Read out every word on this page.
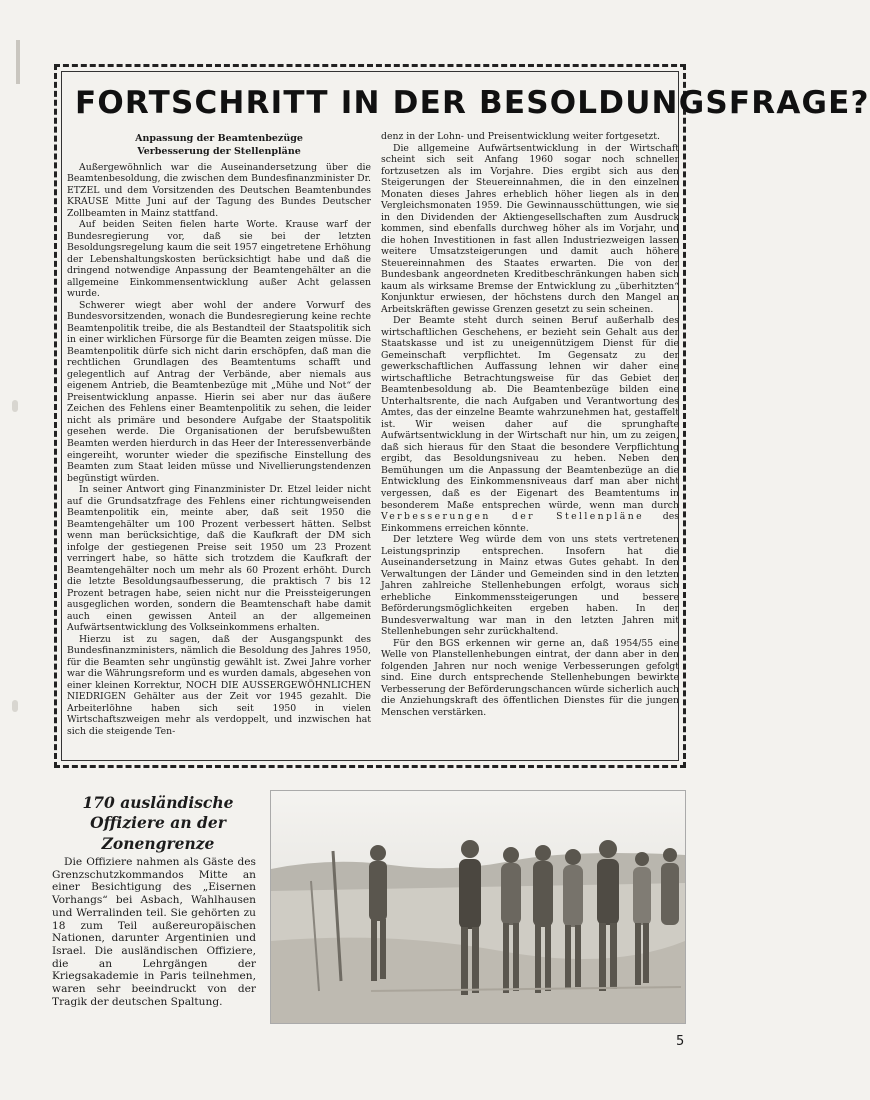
FORTSCHRITT IN DER BESOLDUNGSFRAGE?
Anpassung der Beamtenbezüge
Verbesserung der Stellenpläne

Außergewöhnlich war die Auseinandersetzung über die Beamtenbesoldung, die zwischen dem Bundesfinanzminister Dr. ETZEL und dem Vorsitzenden des Deutschen Beamtenbundes KRAUSE Mitte Juni auf der Tagung des Bundes Deutscher Zollbeamten in Mainz stattfand.

Auf beiden Seiten fielen harte Worte. Krause warf der Bundesregierung vor, daß sie bei der letzten Besoldungsregelung kaum die seit 1957 eingetretene Erhöhung der Lebenshaltungskosten berücksichtigt habe und daß die dringend notwendige Anpassung der Beamtengehälter an die allgemeine Einkommensentwicklung außer Acht gelassen wurde.

Schwerer wiegt aber wohl der andere Vorwurf des Bundesvorsitzenden, wonach die Bundesregierung keine rechte Beamtenpolitik treibe, die als Bestandteil der Staatspolitik sich in einer wirklichen Fürsorge für die Beamten zeigen müsse. Die Beamtenpolitik dürfe sich nicht darin erschöpfen, daß man die rechtlichen Grundlagen des Beamtentums schafft und gelegentlich auf Antrag der Verbände, aber niemals aus eigenem Antrieb, die Beamtenbezüge mit „Mühe und Not“ der Preisentwicklung anpasse. Hierin sei aber nur das äußere Zeichen des Fehlens einer Beamtenpolitik zu sehen, die leider nicht als primäre und besondere Aufgabe der Staatspolitik gesehen werde. Die Organisationen der berufsbewußten Beamten werden hierdurch in das Heer der Interessenverbände eingereiht, worunter wieder die spezifische Einstellung des Beamten zum Staat leiden müsse und Nivellierungstendenzen begünstigt würden.

In seiner Antwort ging Finanzminister Dr. Etzel leider nicht auf die Grundsatzfrage des Fehlens einer richtungweisenden Beamtenpolitik ein, meinte aber, daß seit 1950 die Beamtengehälter um 100 Prozent verbessert hätten. Selbst wenn man berücksichtige, daß die Kaufkraft der DM sich infolge der gestiegenen Preise seit 1950 um 23 Prozent verringert habe, so hätte sich trotzdem die Kaufkraft der Beamtengehälter noch um mehr als 60 Prozent erhöht. Durch die letzte Besoldungsaufbesserung, die praktisch 7 bis 12 Prozent betragen habe, seien nicht nur die Preissteigerungen ausgeglichen worden, sondern die Beamtenschaft habe damit auch einen gewissen Anteil an der allgemeinen Aufwärtsentwicklung des Volkseinkommens erhalten.

Hierzu ist zu sagen, daß der Ausgangspunkt des Bundesfinanzministers, nämlich die Besoldung des Jahres 1950, für die Beamten sehr ungünstig gewählt ist. Zwei Jahre vorher war die Währungsreform und es wurden damals, abgesehen von einer kleinen Korrektur, NOCH DIE AUSSERGEWÖHNLICHEN NIEDRIGEN Gehälter aus der Zeit vor 1945 gezahlt. Die Arbeiterlöhne haben sich seit 1950 in vielen Wirtschaftszweigen mehr als verdoppelt, und inzwischen hat sich die steigende Ten-

denz in der Lohn- und Preisentwicklung weiter fortgesetzt.

Die allgemeine Aufwärtsentwicklung in der Wirtschaft scheint sich seit Anfang 1960 sogar noch schneller fortzusetzen als im Vorjahre. Dies ergibt sich aus den Steigerungen der Steuereinnahmen, die in den einzelnen Monaten dieses Jahres erheblich höher liegen als in den Vergleichsmonaten 1959. Die Gewinnausschüttungen, wie sie in den Dividenden der Aktiengesellschaften zum Ausdruck kommen, sind ebenfalls durchweg höher als im Vorjahr, und die hohen Investitionen in fast allen Industriezweigen lassen weitere Umsatzsteigerungen und damit auch höhere Steuereinnahmen des Staates erwarten. Die von der Bundesbank angeordneten Kreditbeschränkungen haben sich kaum als wirksame Bremse der Entwicklung zu „überhitzten“ Konjunktur erwiesen, der höchstens durch den Mangel an Arbeitskräften gewisse Grenzen gesetzt zu sein scheinen.

Der Beamte steht durch seinen Beruf außerhalb des wirtschaftlichen Geschehens, er bezieht sein Gehalt aus der Staatskasse und ist zu uneigennützigem Dienst für die Gemeinschaft verpflichtet. Im Gegensatz zu der gewerkschaftlichen Auffassung lehnen wir daher eine wirtschaftliche Betrachtungsweise für das Gebiet der Beamtenbesoldung ab. Die Beamtenbezüge bilden eine Unterhaltsrente, die nach Aufgaben und Verantwortung des Amtes, das der einzelne Beamte wahrzunehmen hat, gestaffelt ist. Wir weisen daher auf die sprunghafte Aufwärtsentwicklung in der Wirtschaft nur hin, um zu zeigen, daß sich hieraus für den Staat die besondere Verpflichtung ergibt, das Besoldungsniveau zu heben. Neben den Bemühungen um die Anpassung der Beamtenbezüge an die Entwicklung des Einkommensniveaus darf man aber nicht vergessen, daß es der Eigenart des Beamtentums in besonderem Maße entsprechen würde, wenn man durch Verbesserungen der Stellenpläne des Einkommens erreichen könnte.

Der letztere Weg würde dem von uns stets vertretenen Leistungsprinzip entsprechen. Insofern hat die Auseinandersetzung in Mainz etwas Gutes gehabt. In den Verwaltungen der Länder und Gemeinden sind in den letzten Jahren zahlreiche Stellenhebungen erfolgt, woraus sich erhebliche Einkommenssteigerungen und bessere Beförderungsmöglichkeiten ergeben haben. In der Bundesverwaltung war man in den letzten Jahren mit Stellenhebungen sehr zurückhaltend.

Für den BGS erkennen wir gerne an, daß 1954/55 eine Welle von Planstellenhebungen eintrat, der dann aber in den folgenden Jahren nur noch wenige Verbesserungen gefolgt sind. Eine durch entsprechende Stellenhebungen bewirkte Verbesserung der Beförderungschancen würde sicherlich auch die Anziehungskraft des öffentlichen Dienstes für die jungen Menschen verstärken.

170 ausländische
Offiziere an der
Zonengrenze
Die Offiziere nahmen als Gäste des Grenzschutzkommandos Mitte an einer Besichtigung des „Eisernen Vorhangs“ bei Asbach, Wahlhausen und Werralinden teil. Sie gehörten zu 18 zum Teil außereuropäischen Nationen, darunter Argentinien und Israel. Die ausländischen Offiziere, die an Lehrgängen der Kriegsakademie in Paris teilnehmen, waren sehr beeindruckt von der Tragik der deutschen Spaltung.
5
